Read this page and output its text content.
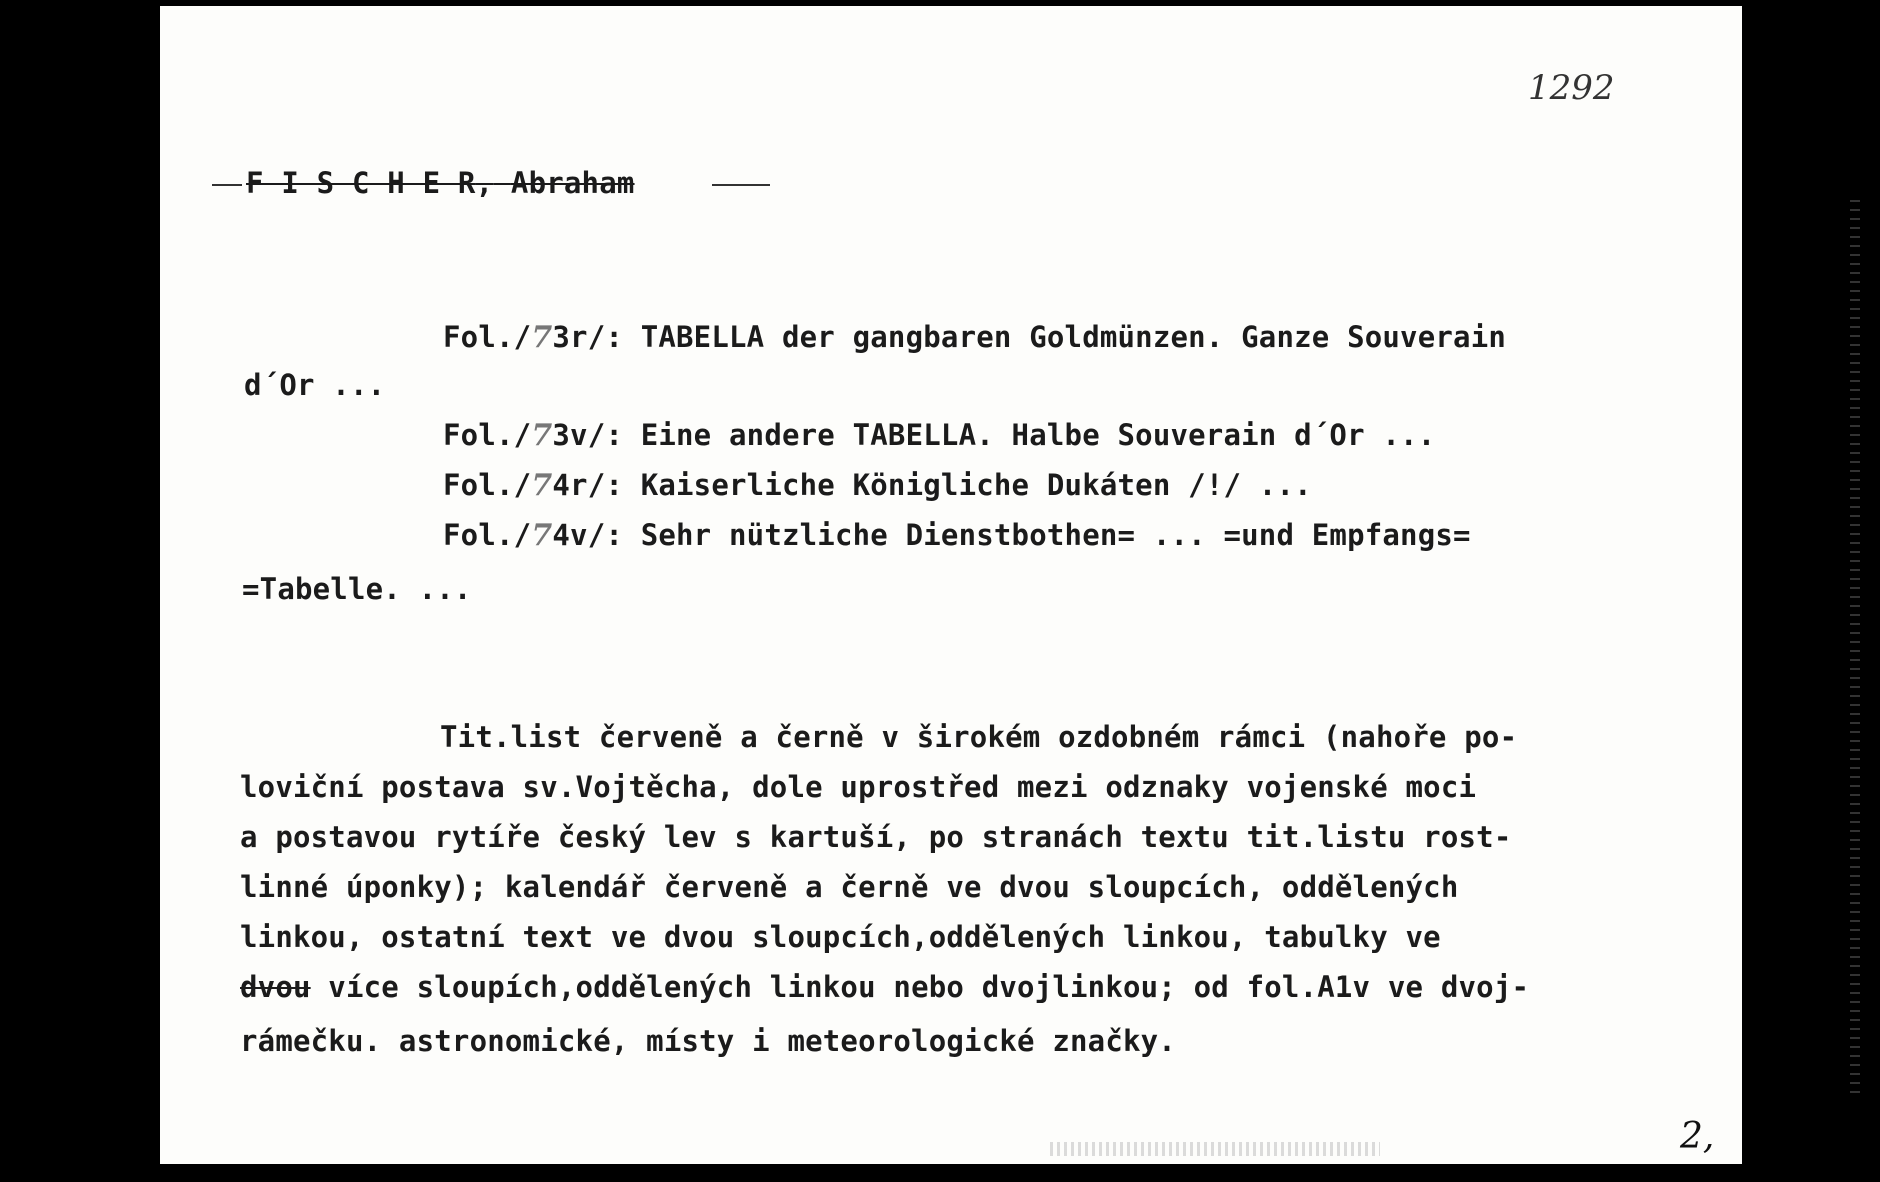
1292
F I S C H E R, Abraham
Fol./73r/: TABELLA der gangbaren Goldmünzen. Ganze Souverain
d´Or ...
Fol./73v/: Eine andere TABELLA. Halbe Souverain d´Or ...
Fol./74r/: Kaiserliche Königliche Dukáten /!/ ...
Fol./74v/: Sehr nützliche Dienstbothen= ... =und Empfangs=
=Tabelle. ...
Tit.list červeně a černě v širokém ozdobném rámci (nahoře po-
loviční postava sv.Vojtěcha, dole uprostřed mezi odznaky vojenské moci
a postavou rytíře český lev s kartuší, po stranách textu tit.listu rost-
linné úponky); kalendář červeně a černě ve dvou sloupcích, oddělených
linkou, ostatní text ve dvou sloupcích,oddělených linkou, tabulky ve
dvou více sloupích,oddělených linkou nebo dvojlinkou; od fol.A1v ve dvoj-
rámečku. astronomické, místy i meteorologické značky.
2,
